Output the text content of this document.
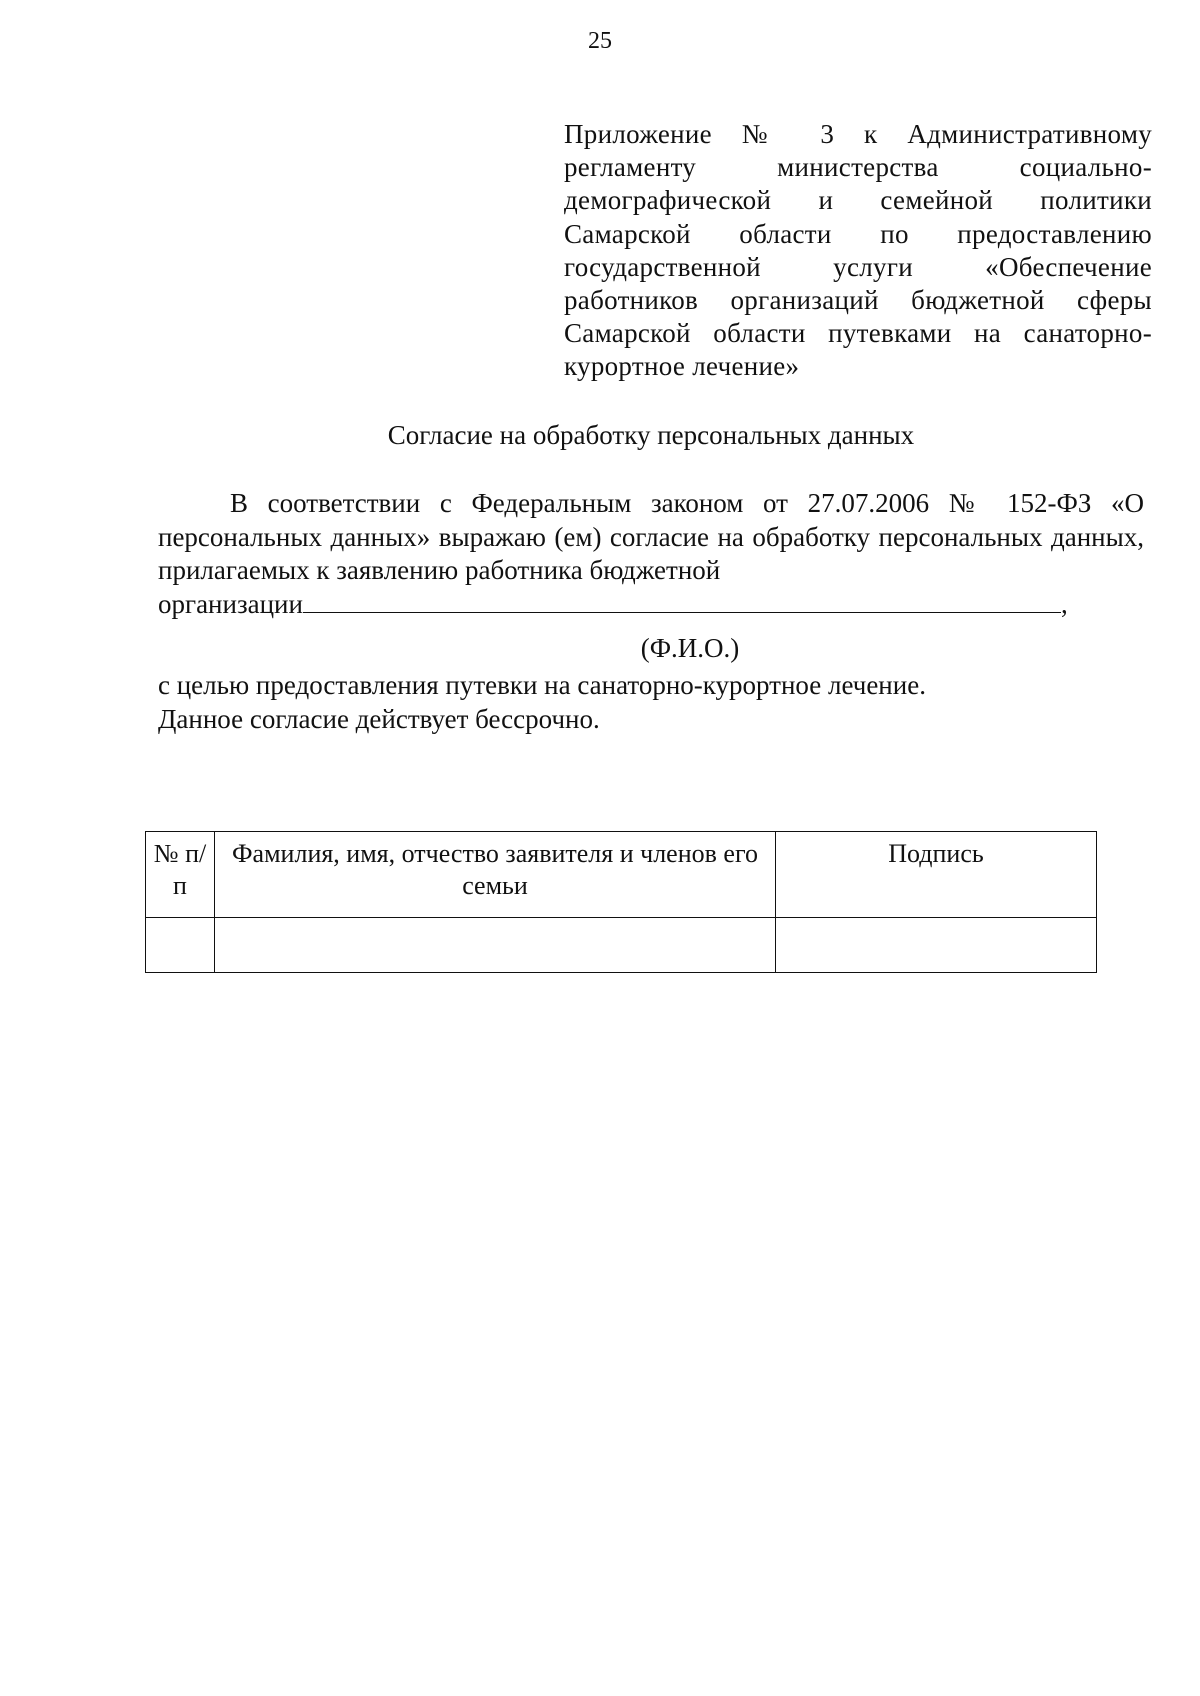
25
Приложение № 3 к Административному регламенту министерства социально-демографической и семейной политики Самарской области по предоставлению государственной услуги «Обеспечение работников организаций бюджетной сферы Самарской области путевками на санаторно-курортное лечение»
Согласие на обработку персональных данных
В соответствии с Федеральным законом от 27.07.2006 № 152-ФЗ «О персональных данных» выражаю (ем) согласие на обработку персональных данных, прилагаемых к заявлению работника бюджетной
организации	,
(Ф.И.О.)
с целью предоставления путевки на санаторно-курортное лечение.
Данное согласие действует бессрочно.
№ п/п	Фамилия, имя, отчество заявителя и членов его семьи	Подпись
